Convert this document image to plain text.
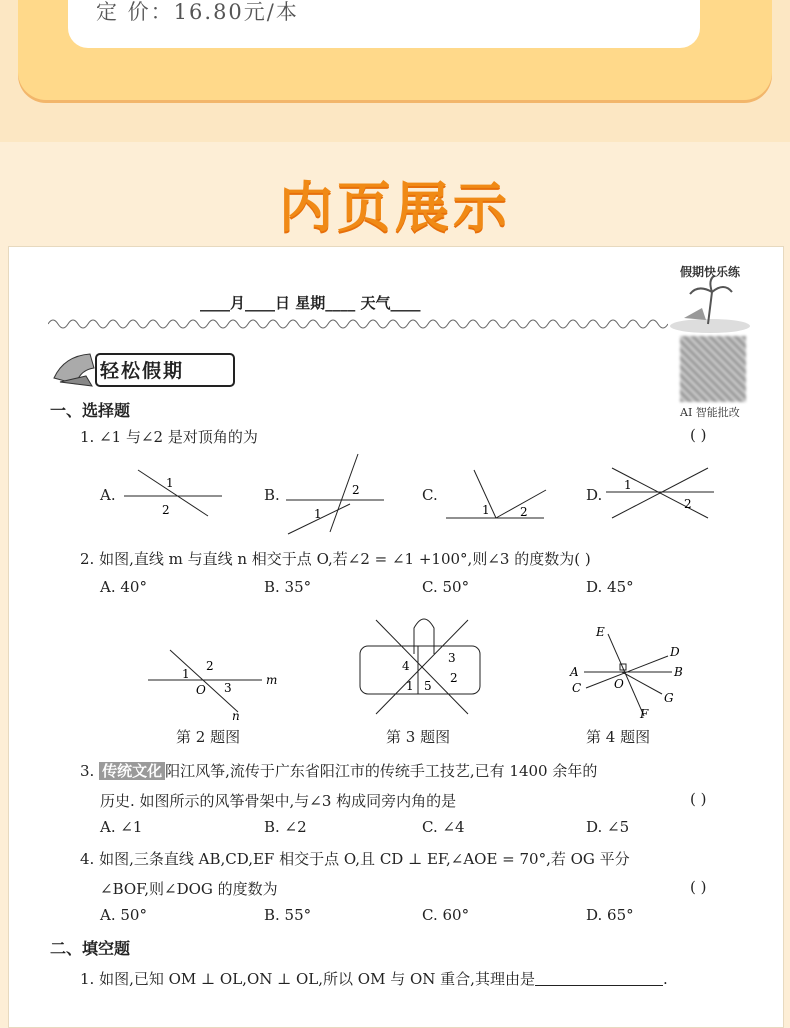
定 价：16.80元/本
内页展示
____月____日 星期____ 天气____
假期快乐练
AI 智能批改
轻松假期
一、选择题
1. ∠1 与∠2 是对顶角的为	( )
A.	B.	C.	D.
1
2
2
1	1	2
1
2
2. 如图,直线 m 与直线 n 相交于点 O,若∠2 = ∠1 +100°,则∠3 的度数为( )
A. 40°	B. 35°	C. 50°	D. 45°
2
1
O 3
m
n
4
3
1 5
2
E
D
A	B
C	O
G
F
第 2 题图	第 3 题图	第 4 题图
3. 传统文化 阳江风筝,流传于广东省阳江市的传统手工技艺,已有 1400 余年的
历史. 如图所示的风筝骨架中,与∠3 构成同旁内角的是	( )
A. ∠1	B. ∠2	C. ∠4	D. ∠5
4. 如图,三条直线 AB,CD,EF 相交于点 O,且 CD ⊥ EF,∠AOE = 70°,若 OG 平分
∠BOF,则∠DOG 的度数为	( )
A. 50°	B. 55°	C. 60°	D. 65°
二、填空题
1. 如图,已知 OM ⊥ OL,ON ⊥ OL,所以 OM 与 ON 重合,其理由是	.
